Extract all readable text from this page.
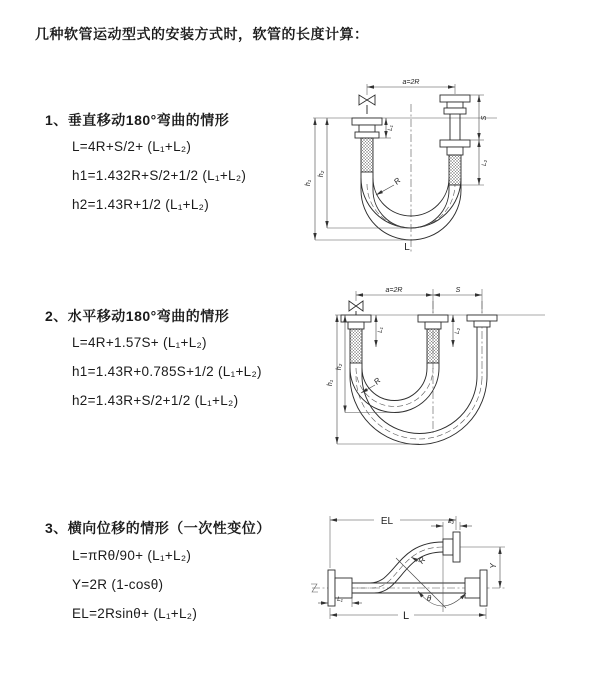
几种软管运动型式的安装方式时，软管的长度计算：
1、垂直移动180°弯曲的情形
L=4R+S/2+ (L₁+L₂)
h1=1.432R+S/2+1/2 (L₁+L₂)
h2=1.43R+1/2 (L₁+L₂)
a=2R
h₁
h₂
L₁
S
L₂
R
L
2、水平移动180°弯曲的情形
L=4R+1.57S+ (L₁+L₂)
h1=1.43R+0.785S+1/2 (L₁+L₂)
h2=1.43R+S/2+1/2 (L₁+L₂)
a=2R	S
h₁
h₂
L₁	L₂
R
3、横向位移的情形（一次性变位）
L=πRθ/90+ (L₁+L₂)
Y=2R (1-cosθ)
EL=2Rsinθ+ (L₁+L₂)
θ
R
EL	L₂
Y
L
L₁
